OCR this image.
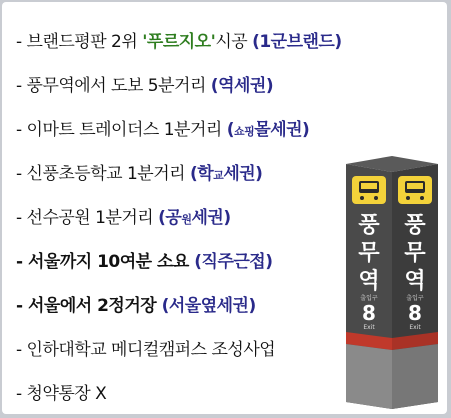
- 브랜드평판 2위 '푸르지오'시공 (1군브랜드)
- 풍무역에서 도보 5분거리 (역세권)
- 이마트 트레이더스 1분거리 (쇼핑몰세권)
- 신풍초등학교 1분거리 (학교세권)
- 선수공원 1분거리 (공원세권)
- 서울까지 10여분 소요 (직주근접)
- 서울에서 2정거장 (서울옆세권)
- 인하대학교 메디컬캠퍼스 조성사업
- 청약통장 X
풍
무
역
풍
무
역
출입구	출입구
8 8
Exit	Exit
